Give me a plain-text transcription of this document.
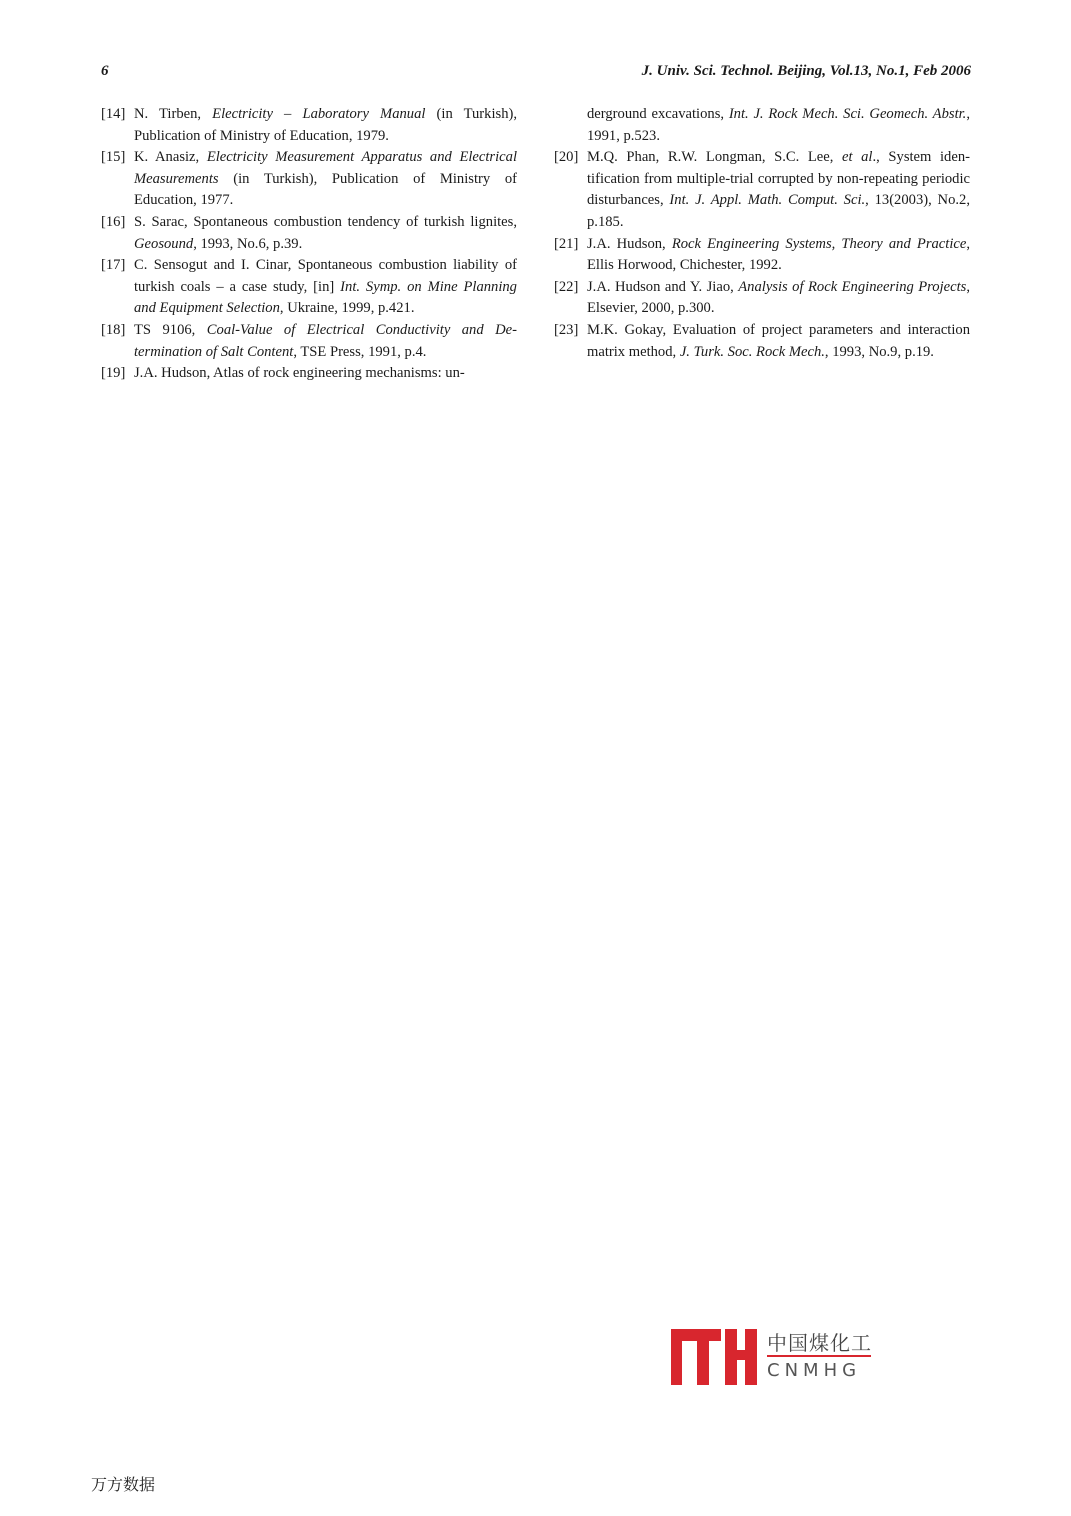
6	J. Univ. Sci. Technol. Beijing, Vol.13, No.1, Feb 2006
[14] N. Tirben, Electricity – Laboratory Manual (in Turkish), Publication of Ministry of Education, 1979.
[15] K. Anasiz, Electricity Measurement Apparatus and Electrical Measurements (in Turkish), Publication of Ministry of Education, 1977.
[16] S. Sarac, Spontaneous combustion tendency of turkish lignites, Geosound, 1993, No.6, p.39.
[17] C. Sensogut and I. Cinar, Spontaneous combustion liability of turkish coals – a case study, [in] Int. Symp. on Mine Planning and Equipment Selection, Ukraine, 1999, p.421.
[18] TS 9106, Coal-Value of Electrical Conductivity and Determination of Salt Content, TSE Press, 1991, p.4.
[19] J.A. Hudson, Atlas of rock engineering mechanisms: un-
derground excavations, Int. J. Rock Mech. Sci. Geomech. Abstr., 1991, p.523.
[20] M.Q. Phan, R.W. Longman, S.C. Lee, et al., System identification from multiple-trial corrupted by non-repeating periodic disturbances, Int. J. Appl. Math. Comput. Sci., 13(2003), No.2, p.185.
[21] J.A. Hudson, Rock Engineering Systems, Theory and Practice, Ellis Horwood, Chichester, 1992.
[22] J.A. Hudson and Y. Jiao, Analysis of Rock Engineering Projects, Elsevier, 2000, p.300.
[23] M.K. Gokay, Evaluation of project parameters and interaction matrix method, J. Turk. Soc. Rock Mech., 1993, No.9, p.19.
中国煤化工
CNMHG
万方数据
